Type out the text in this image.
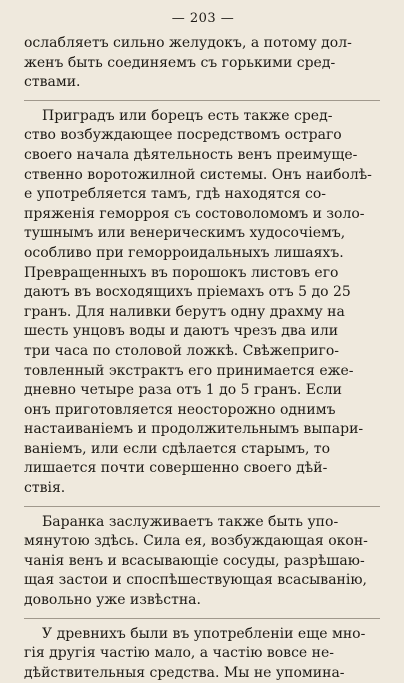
— 203 —
ослабляетъ сильно желудокъ, а потому дол-
женъ быть соединяемъ съ горькими сред-
ствами.
Приградъ или борецъ есть также сред-
ство возбуждающее посредствомъ остраго
своего начала дѣятельность венъ преимуще-
ственно воротожилной системы. Онъ наиболѣ-
е употребляется тамъ, гдѣ находятся со-
пряженія геморроя съ состоволомомъ и золо-
тушнымъ или венерическимъ худосочіемъ,
особливо при геморроидальныхъ лишаяхъ.
Превращенныхъ въ порошокъ листовъ его
даютъ въ восходящихъ пріемахъ отъ 5 до 25
гранъ. Для наливки берутъ одну драхму на
шесть унцовъ воды и даютъ чрезъ два или
три часа по столовой ложкѣ. Свѣжеприго-
товленный экстрактъ его принимается еже-
дневно четыре раза отъ 1 до 5 гранъ. Если
онъ приготовляется неосторожно однимъ
настаиваніемъ и продолжительнымъ выпари-
ваніемъ, или если сдѣлается старымъ, то
лишается почти совершенно своего дѣй-
ствія.
Баранка заслуживаетъ также быть упо-
мянутою здѣсь. Сила ея, возбуждающая окон-
чанія венъ и всасывающіе сосуды, разрѣшаю-
щая застои и споспѣшествующая всасыванію,
довольно уже извѣстна.
У древнихъ были въ употребленіи еще мно-
гія другія частію мало, а частію вовсе не-
дѣйствительныя средства. Мы не упомина-
